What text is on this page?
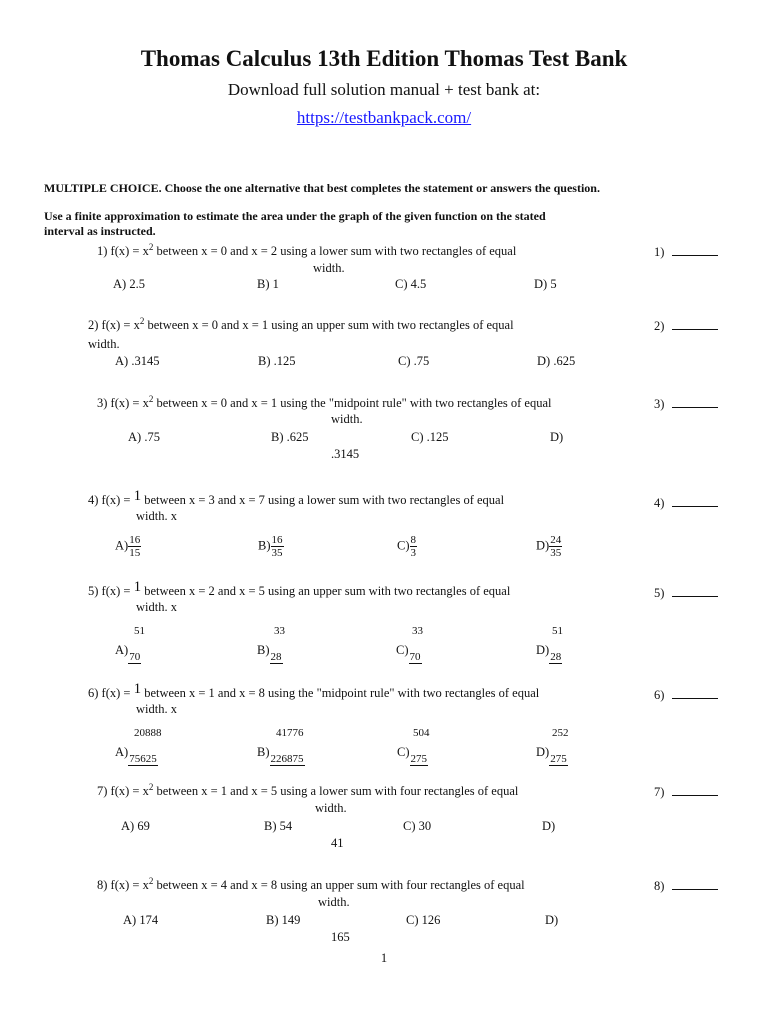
Thomas Calculus 13th Edition Thomas Test Bank
Download full solution manual + test bank at:
https://testbankpack.com/
MULTIPLE CHOICE. Choose the one alternative that best completes the statement or answers the question.
Use a finite approximation to estimate the area under the graph of the given function on the stated
interval as instructed.
1) $f(x) = x^2$ between x = 0 and x = 2 using a lower sum with two rectangles of equal
width.
1)
A) 2.5	B) 1	C) 4.5	D) 5
2) $f(x) = x^2$ between x = 0 and x = 1 using an upper sum with two rectangles of equal
width.
2)
A) .3145	B) .125	C) .75	D) .625
3) $f(x) = x^2$ between x = 0 and x = 1 using the "midpoint rule" with two rectangles of equal
width.
3)
A) .75	B) .625	C) .125	D)
.3145
4) f(x) = 1 between x = 3 and x = 7 using a lower sum with two rectangles of equal
width. x
4)
$A) \frac{16}{15}$	$B) \frac{16}{35}$	$C) \frac{8}{3}$	$D) \frac{24}{35}$
5) f(x) = 1 between x = 2 and x = 5 using an upper sum with two rectangles of equal
width. x
5)
51
A)70
33
B)28
33
C)70
51
D)28
6) f(x) = 1 between x = 1 and x = 8 using the "midpoint rule" with two rectangles of equal
width. x
6)
20888
A)75625
41776
B)226875
504
C)275
252
D)275
7) $f(x) = x^2$ between x = 1 and x = 5 using a lower sum with four rectangles of equal
width.
7)
A) 69	B) 54	C) 30	D)
41
8) $f(x) = x^2$ between x = 4 and x = 8 using an upper sum with four rectangles of equal
width.
8)
A) 174	B) 149	C) 126	D)
165
1
